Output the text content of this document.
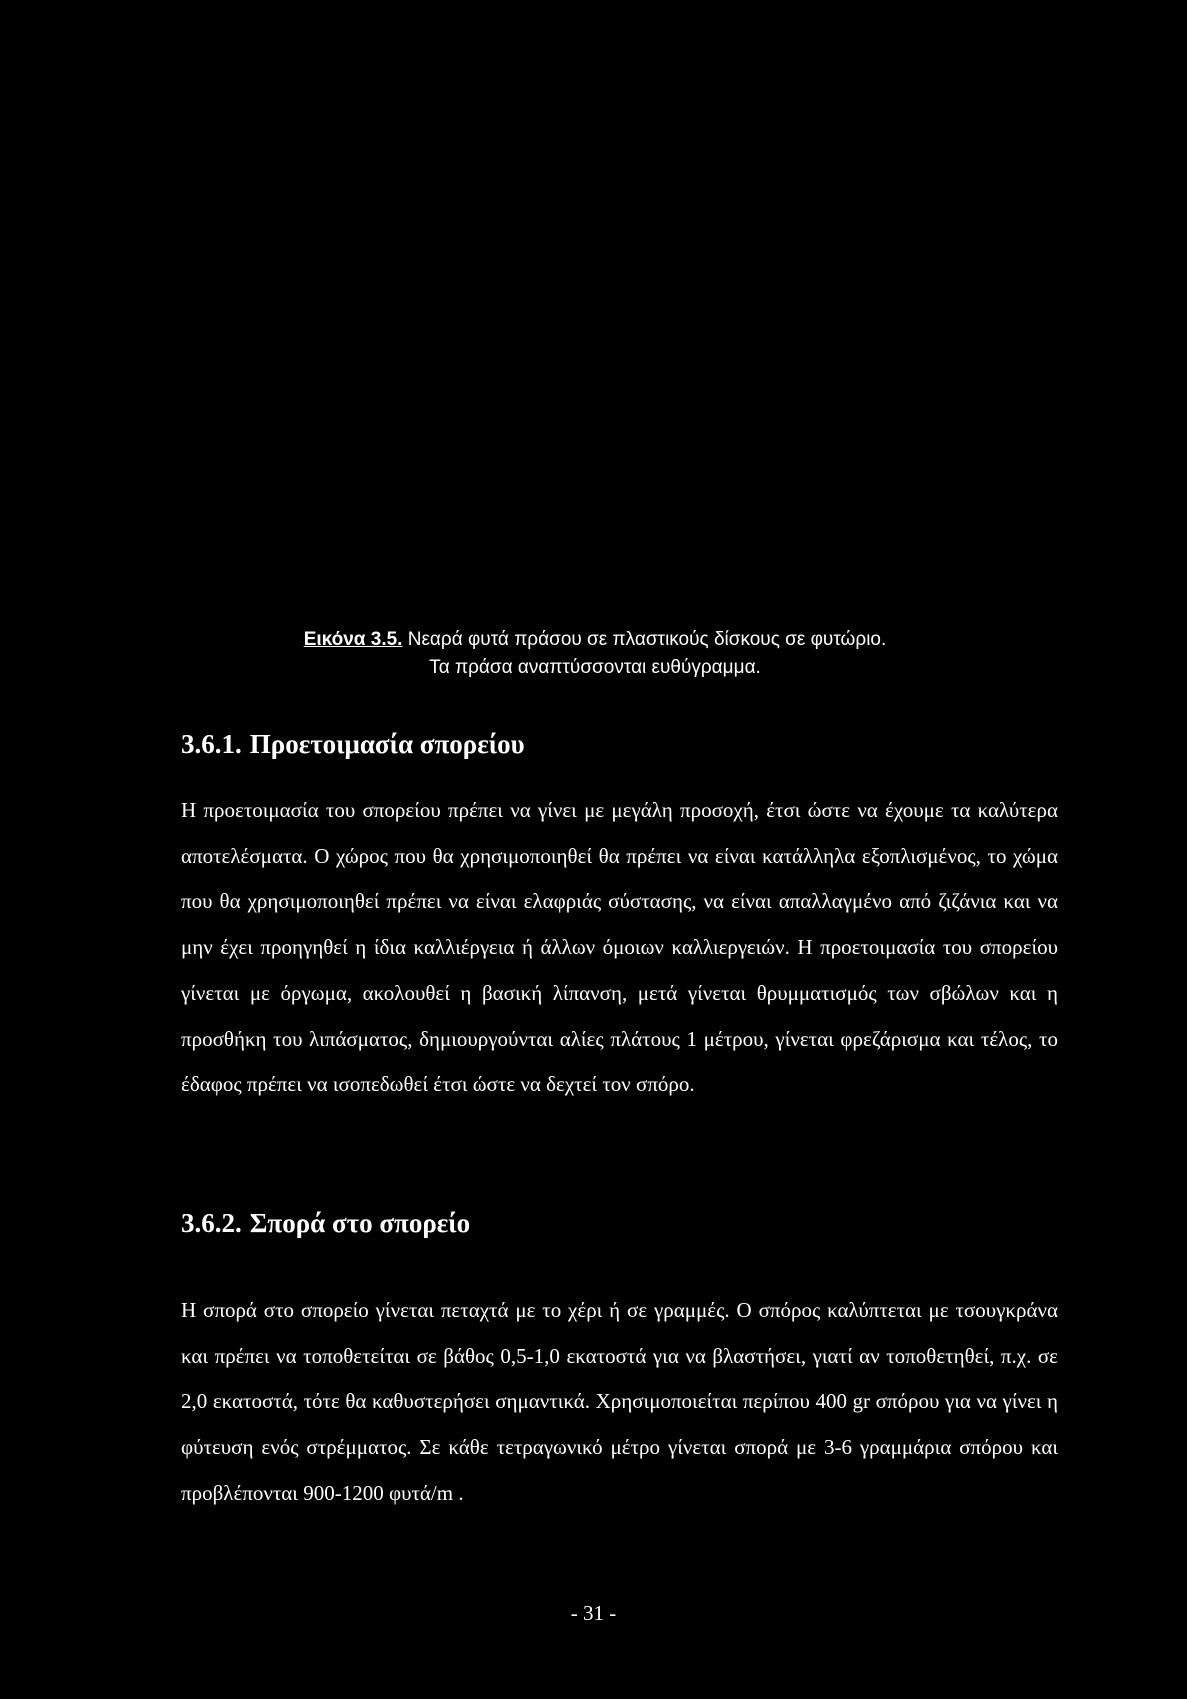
Εικόνα 3.5. Νεαρά φυτά πράσου σε πλαστικούς δίσκους σε φυτώριο.
Τα πράσα αναπτύσσονται ευθύγραμμα.
3.6.1. Προετοιμασία σπορείου
Η προετοιμασία του σπορείου πρέπει να γίνει με μεγάλη προσοχή, έτσι ώστε να έχουμε τα καλύτερα αποτελέσματα. Ο χώρος που θα χρησιμοποιηθεί θα πρέπει να είναι κατάλληλα εξοπλισμένος, το χώμα που θα χρησιμοποιηθεί πρέπει να είναι ελαφριάς σύστασης, να είναι απαλλαγμένο από ζιζάνια και να μην έχει προηγηθεί η ίδια καλλιέργεια ή άλλων όμοιων καλλιεργειών. Η προετοιμασία του σπορείου γίνεται με όργωμα, ακολουθεί η βασική λίπανση, μετά γίνεται θρυμματισμός των σβώλων και η προσθήκη του λιπάσματος, δημιουργούνται αλίες πλάτους 1 μέτρου, γίνεται φρεζάρισμα και τέλος, το έδαφος πρέπει να ισοπεδωθεί έτσι ώστε να δεχτεί τον σπόρο.
3.6.2. Σπορά στο σπορείο
Η σπορά στο σπορείο γίνεται πεταχτά με το χέρι ή σε γραμμές. Ο σπόρος καλύπτεται με τσουγκράνα και πρέπει να τοποθετείται σε βάθος 0,5-1,0 εκατοστά για να βλαστήσει, γιατί αν τοποθετηθεί, π.χ. σε 2,0 εκατοστά, τότε θα καθυστερήσει σημαντικά. Χρησιμοποιείται περίπου 400 gr σπόρου για να γίνει η φύτευση ενός στρέμματος. Σε κάθε τετραγωνικό μέτρο γίνεται σπορά με 3-6 γραμμάρια σπόρου και προβλέπονται 900-1200 φυτά/m .
- 31 -
